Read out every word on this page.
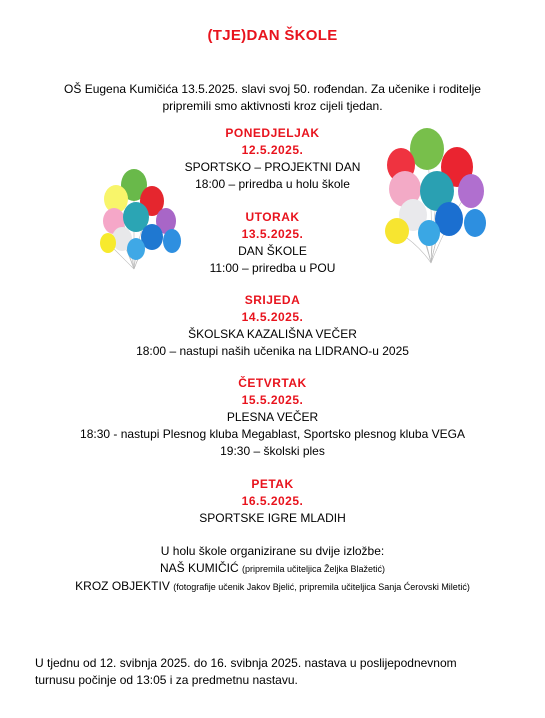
(TJE)DAN ŠKOLE
OŠ Eugena Kumičića 13.5.2025. slavi svoj 50. rođendan. Za učenike i roditelje
pripremili smo aktivnosti kroz cijeli tjedan.
PONEDJELJAK
12.5.2025.
SPORTSKO – PROJEKTNI DAN
18:00 – priredba u holu škole
UTORAK
13.5.2025.
DAN ŠKOLE
11:00 – priredba u POU
SRIJEDA
14.5.2025.
ŠKOLSKA KAZALIŠNA VEČER
18:00 – nastupi naših učenika na LIDRANO-u 2025
ČETVRTAK
15.5.2025.
PLESNA VEČER
18:30 - nastupi Plesnog kluba Megablast, Sportsko plesnog kluba VEGA
19:30 – školski ples
PETAK
16.5.2025.
SPORTSKE IGRE MLADIH
U holu škole organizirane su dvije izložbe:
NAŠ KUMIČIĆ (pripremila učiteljica Željka Blažetić)
KROZ OBJEKTIV (fotografije učenik Jakov Bjelić, pripremila učiteljica Sanja Ćerovski Miletić)
U tjednu od 12. svibnja 2025. do 16. svibnja 2025. nastava u poslijepodnevnom
turnusu počinje od 13:05 i za predmetnu nastavu.
